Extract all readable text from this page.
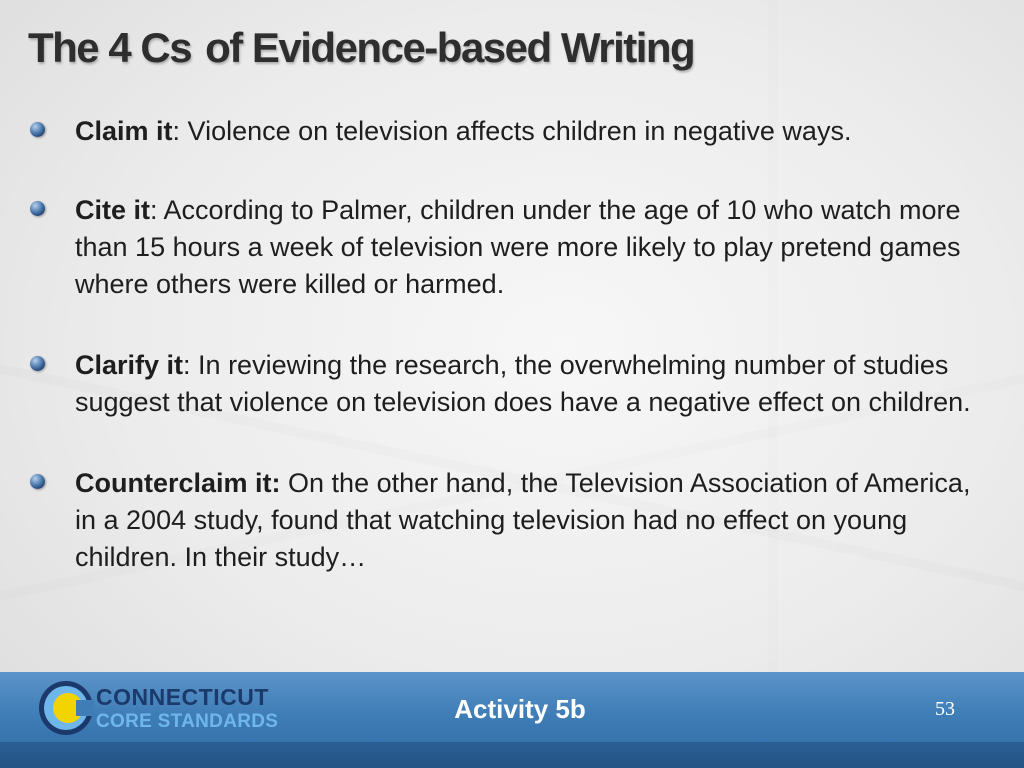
The 4 Cs of Evidence-based Writing
Claim it: Violence on television affects children in negative ways.
Cite it: According to Palmer, children under the age of 10 who watch more than 15 hours a week of television were more likely to play pretend games where others were killed or harmed.
Clarify it: In reviewing the research, the overwhelming number of studies suggest that violence on television does have a negative effect on children.
Counterclaim it: On the other hand, the Television Association of America, in a 2004 study, found that watching television had no effect on young children. In their study…
CONNECTICUT
CORE STANDARDS	Activity 5b	53
